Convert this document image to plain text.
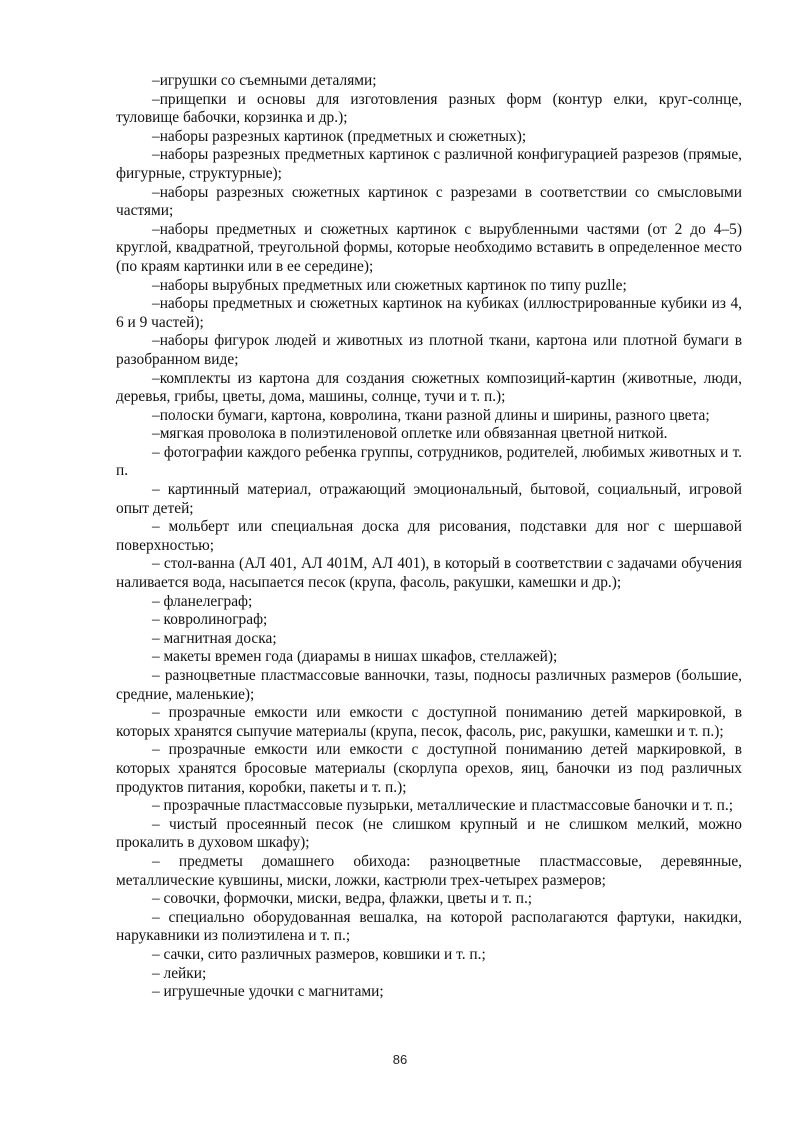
–игрушки со съемными деталями;

–прищепки и основы для изготовления разных форм (контур елки, круг-солнце, туловище бабочки, корзинка и др.);

–наборы разрезных картинок (предметных и сюжетных);

–наборы разрезных предметных картинок с различной конфигурацией разрезов (прямые, фигурные, структурные);

–наборы разрезных сюжетных картинок с разрезами в соответствии со смысловыми частями;

–наборы предметных и сюжетных картинок с вырубленными частями (от 2 до 4–5) круглой, квадратной, треугольной формы, которые необходимо вставить в определенное место (по краям картинки или в ее середине);

–наборы вырубных предметных или сюжетных картинок по типу puzlle;

–наборы предметных и сюжетных картинок на кубиках (иллюстрированные кубики из 4, 6 и 9 частей);

–наборы фигурок людей и животных из плотной ткани, картона или плотной бумаги в разобранном виде;

–комплекты из картона для создания сюжетных композиций-картин (животные, люди, деревья, грибы, цветы, дома, машины, солнце, тучи и т. п.);

–полоски бумаги, картона, ковролина, ткани разной длины и ширины, разного цвета;

–мягкая проволока в полиэтиленовой оплетке или обвязанная цветной ниткой.

– фотографии каждого ребенка группы, сотрудников, родителей, любимых животных и т. п.

– картинный материал, отражающий эмоциональный, бытовой, социальный, игровой опыт детей;

– мольберт или специальная доска для рисования, подставки для ног с шершавой поверхностью;

– стол-ванна (АЛ 401, АЛ 401М, АЛ 401), в который в соответствии с задачами обучения наливается вода, насыпается песок (крупа, фасоль, ракушки, камешки и др.);

– фланелеграф;

– ковролинограф;

– магнитная доска;

– макеты времен года (диарамы в нишах шкафов, стеллажей);

– разноцветные пластмассовые ванночки, тазы, подносы различных размеров (большие, средние, маленькие);

– прозрачные емкости или емкости с доступной пониманию детей маркировкой, в которых хранятся сыпучие материалы (крупа, песок, фасоль, рис, ракушки, камешки и т. п.);

– прозрачные емкости или емкости с доступной пониманию детей маркировкой, в которых хранятся бросовые материалы (скорлупа орехов, яиц, баночки из под различных продуктов питания, коробки, пакеты и т. п.);

– прозрачные пластмассовые пузырьки, металлические и пластмассовые баночки и т. п.;

– чистый просеянный песок (не слишком крупный и не слишком мелкий, можно прокалить в духовом шкафу);

– предметы домашнего обихода: разноцветные пластмассовые, деревянные, металлические кувшины, миски, ложки, кастрюли трех-четырех размеров;

– совочки, формочки, миски, ведра, флажки, цветы и т. п.;

– специально оборудованная вешалка, на которой располагаются фартуки, накидки, нарукавники из полиэтилена и т. п.;

– сачки, сито различных размеров, ковшики и т. п.;

– лейки;

– игрушечные удочки с магнитами;

86
